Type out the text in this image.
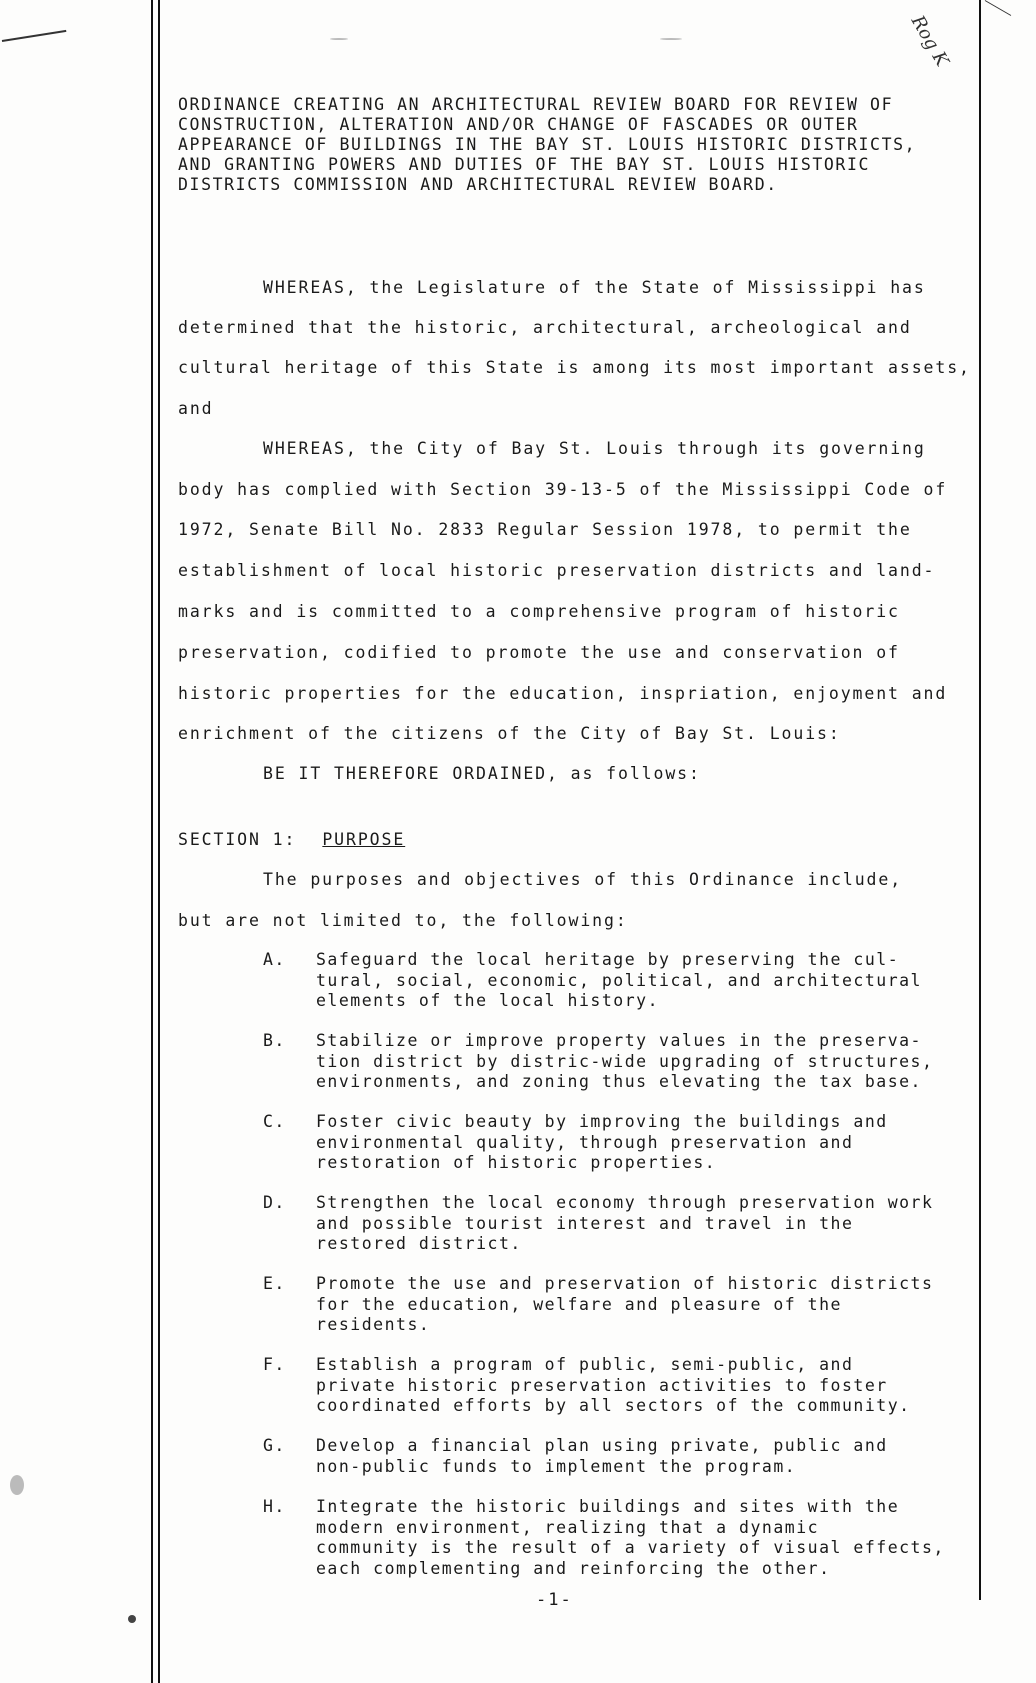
Rog K
ORDINANCE CREATING AN ARCHITECTURAL REVIEW BOARD FOR REVIEW OF
CONSTRUCTION, ALTERATION AND/OR CHANGE OF FASCADES OR OUTER
APPEARANCE OF BUILDINGS IN THE BAY ST. LOUIS HISTORIC DISTRICTS,
AND GRANTING POWERS AND DUTIES OF THE BAY ST. LOUIS HISTORIC
DISTRICTS COMMISSION AND ARCHITECTURAL REVIEW BOARD.
WHEREAS, the Legislature of the State of Mississippi has
determined that the historic, architectural, archeological and
cultural heritage of this State is among its most important assets,
and
WHEREAS, the City of Bay St. Louis through its governing
body has complied with Section 39-13-5 of the Mississippi Code of
1972, Senate Bill No. 2833 Regular Session 1978, to permit the
establishment of local historic preservation districts and land-
marks and is committed to a comprehensive program of historic
preservation, codified to promote the use and conservation of
historic properties for the education, inspriation, enjoyment and
enrichment of the citizens of the City of Bay St. Louis:
BE IT THEREFORE ORDAINED, as follows:
SECTION 1: PURPOSE
The purposes and objectives of this Ordinance include,
but are not limited to, the following:
A.	Safeguard the local heritage by preserving the cul-
tural, social, economic, political, and architectural
elements of the local history.
B.	Stabilize or improve property values in the preserva-
tion district by distric-wide upgrading of structures,
environments, and zoning thus elevating the tax base.
C.	Foster civic beauty by improving the buildings and
environmental quality, through preservation and
restoration of historic properties.
D.	Strengthen the local economy through preservation work
and possible tourist interest and travel in the
restored district.
E.	Promote the use and preservation of historic districts
for the education, welfare and pleasure of the
residents.
F.	Establish a program of public, semi-public, and
private historic preservation activities to foster
coordinated efforts by all sectors of the community.
G.	Develop a financial plan using private, public and
non-public funds to implement the program.
H.	Integrate the historic buildings and sites with the
modern environment, realizing that a dynamic
community is the result of a variety of visual effects,
each complementing and reinforcing the other.
-1-
